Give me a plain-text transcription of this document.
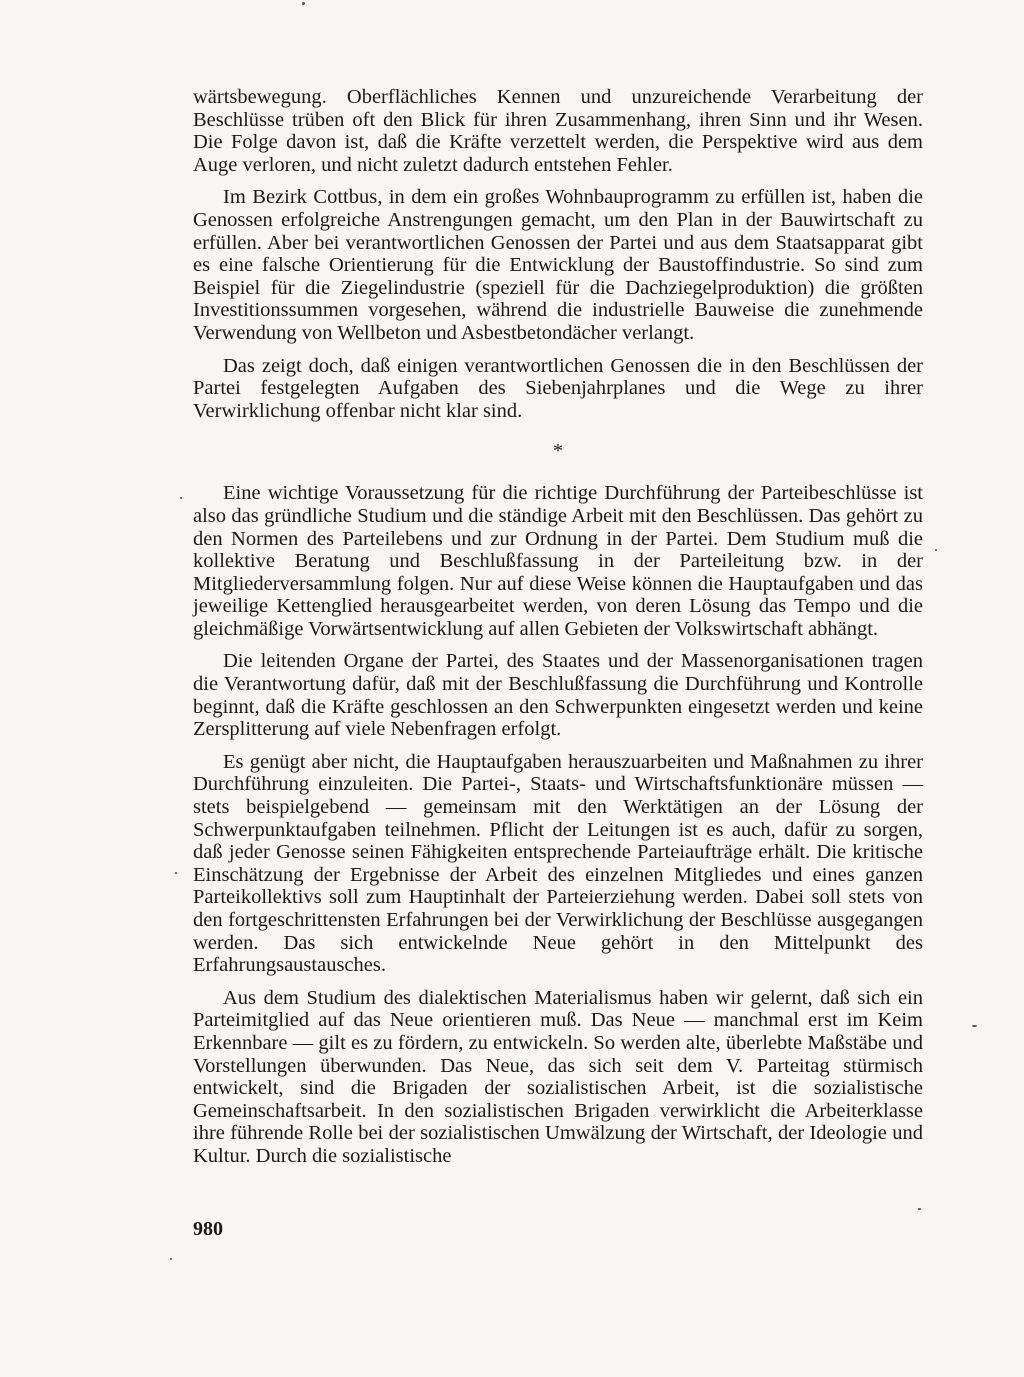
wärtsbewegung. Oberflächliches Kennen und unzureichende Verarbeitung der Beschlüsse trüben oft den Blick für ihren Zusammenhang, ihren Sinn und ihr Wesen. Die Folge davon ist, daß die Kräfte verzettelt werden, die Perspektive wird aus dem Auge verloren, und nicht zuletzt dadurch entstehen Fehler.

Im Bezirk Cottbus, in dem ein großes Wohnbauprogramm zu erfüllen ist, haben die Genossen erfolgreiche Anstrengungen gemacht, um den Plan in der Bauwirtschaft zu erfüllen. Aber bei verantwortlichen Genossen der Partei und aus dem Staatsapparat gibt es eine falsche Orientierung für die Entwicklung der Baustoffindustrie. So sind zum Beispiel für die Ziegelindustrie (speziell für die Dachziegelproduktion) die größten Investitionssummen vorgesehen, während die industrielle Bauweise die zunehmende Verwendung von Wellbeton und Asbestbetondächer verlangt.

Das zeigt doch, daß einigen verantwortlichen Genossen die in den Beschlüssen der Partei festgelegten Aufgaben des Siebenjahrplanes und die Wege zu ihrer Verwirklichung offenbar nicht klar sind.

*

Eine wichtige Voraussetzung für die richtige Durchführung der Parteibeschlüsse ist also das gründliche Studium und die ständige Arbeit mit den Beschlüssen. Das gehört zu den Normen des Parteilebens und zur Ordnung in der Partei. Dem Studium muß die kollektive Beratung und Beschlußfassung in der Parteileitung bzw. in der Mitgliederversammlung folgen. Nur auf diese Weise können die Hauptaufgaben und das jeweilige Kettenglied herausgearbeitet werden, von deren Lösung das Tempo und die gleichmäßige Vorwärtsentwicklung auf allen Gebieten der Volkswirtschaft abhängt.

Die leitenden Organe der Partei, des Staates und der Massenorganisationen tragen die Verantwortung dafür, daß mit der Beschlußfassung die Durchführung und Kontrolle beginnt, daß die Kräfte geschlossen an den Schwerpunkten eingesetzt werden und keine Zersplitterung auf viele Nebenfragen erfolgt.

Es genügt aber nicht, die Hauptaufgaben herauszuarbeiten und Maßnahmen zu ihrer Durchführung einzuleiten. Die Partei-, Staats- und Wirtschaftsfunktionäre müssen — stets beispielgebend — gemeinsam mit den Werktätigen an der Lösung der Schwerpunktaufgaben teilnehmen. Pflicht der Leitungen ist es auch, dafür zu sorgen, daß jeder Genosse seinen Fähigkeiten entsprechende Parteiaufträge erhält. Die kritische Einschätzung der Ergebnisse der Arbeit des einzelnen Mitgliedes und eines ganzen Parteikollektivs soll zum Hauptinhalt der Parteierziehung werden. Dabei soll stets von den fortgeschrittensten Erfahrungen bei der Verwirklichung der Beschlüsse ausgegangen werden. Das sich entwickelnde Neue gehört in den Mittelpunkt des Erfahrungsaustausches.

Aus dem Studium des dialektischen Materialismus haben wir gelernt, daß sich ein Parteimitglied auf das Neue orientieren muß. Das Neue — manchmal erst im Keim Erkennbare — gilt es zu fördern, zu entwickeln. So werden alte, überlebte Maßstäbe und Vorstellungen überwunden. Das Neue, das sich seit dem V. Parteitag stürmisch entwickelt, sind die Brigaden der sozialistischen Arbeit, ist die sozialistische Gemeinschaftsarbeit. In den sozialistischen Brigaden verwirklicht die Arbeiterklasse ihre führende Rolle bei der sozialistischen Umwälzung der Wirtschaft, der Ideologie und Kultur. Durch die sozialistische

980
